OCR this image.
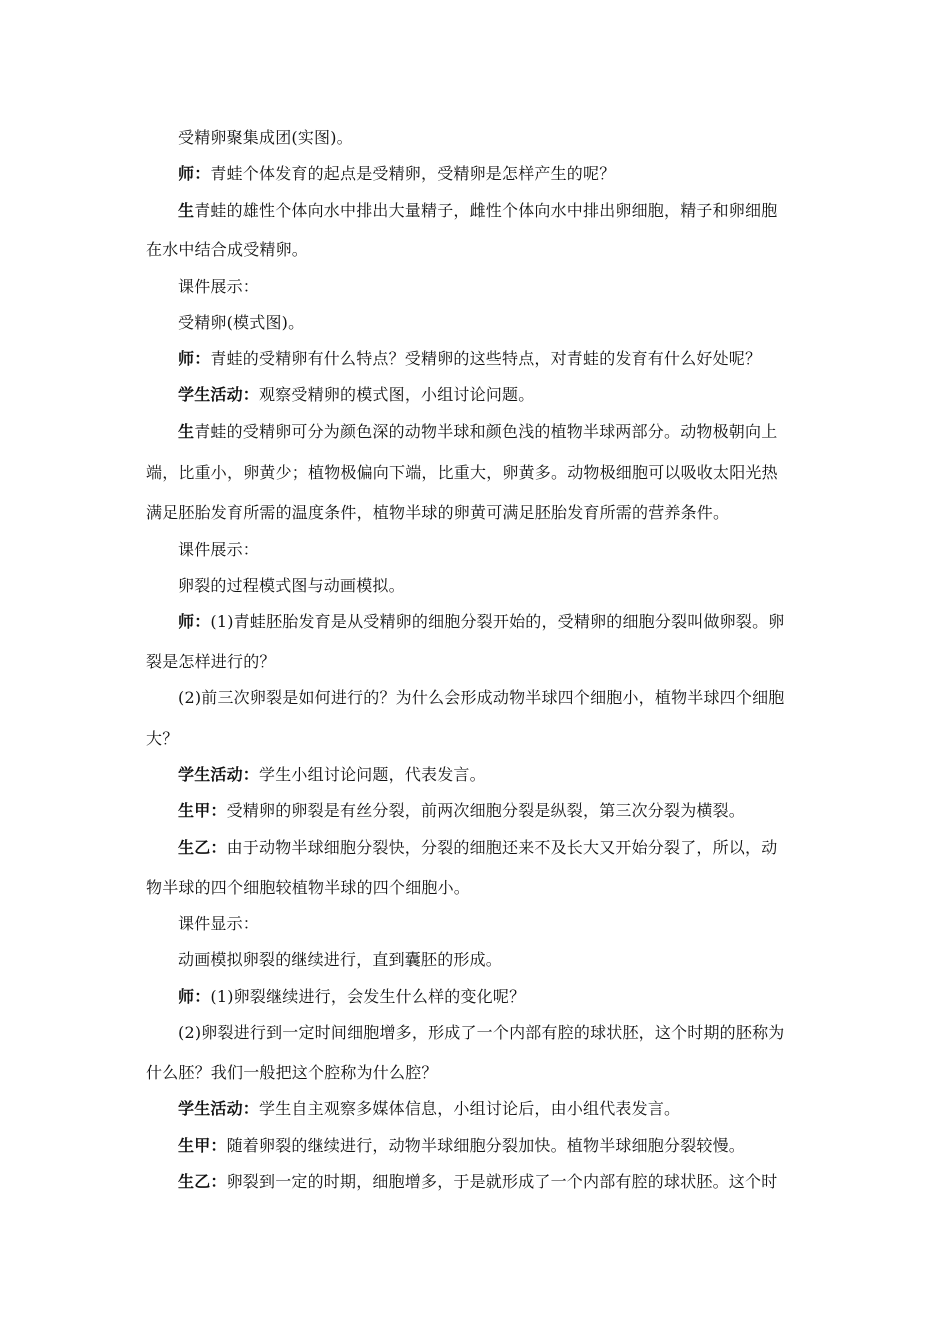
受精卵聚集成团(实图)。
师：青蛙个体发育的起点是受精卵，受精卵是怎样产生的呢？
生青蛙的雄性个体向水中排出大量精子，雌性个体向水中排出卵细胞，精子和卵细胞
在水中结合成受精卵。
课件展示：
受精卵(模式图)。
师：青蛙的受精卵有什么特点？受精卵的这些特点，对青蛙的发育有什么好处呢？
学生活动：观察受精卵的模式图，小组讨论问题。
生青蛙的受精卵可分为颜色深的动物半球和颜色浅的植物半球两部分。动物极朝向上
端，比重小，卵黄少；植物极偏向下端，比重大，卵黄多。动物极细胞可以吸收太阳光热
满足胚胎发育所需的温度条件，植物半球的卵黄可满足胚胎发育所需的营养条件。
课件展示：
卵裂的过程模式图与动画模拟。
师：(1)青蛙胚胎发育是从受精卵的细胞分裂开始的，受精卵的细胞分裂叫做卵裂。卵
裂是怎样进行的？
(2)前三次卵裂是如何进行的？为什么会形成动物半球四个细胞小，植物半球四个细胞
大？
学生活动：学生小组讨论问题，代表发言。
生甲：受精卵的卵裂是有丝分裂，前两次细胞分裂是纵裂，第三次分裂为横裂。
生乙：由于动物半球细胞分裂快，分裂的细胞还来不及长大又开始分裂了，所以，动
物半球的四个细胞较植物半球的四个细胞小。
课件显示：
动画模拟卵裂的继续进行，直到囊胚的形成。
师：(1)卵裂继续进行，会发生什么样的变化呢？
(2)卵裂进行到一定时间细胞增多，形成了一个内部有腔的球状胚，这个时期的胚称为
什么胚？我们一般把这个腔称为什么腔？
学生活动：学生自主观察多媒体信息，小组讨论后，由小组代表发言。
生甲：随着卵裂的继续进行，动物半球细胞分裂加快。植物半球细胞分裂较慢。
生乙：卵裂到一定的时期，细胞增多，于是就形成了一个内部有腔的球状胚。这个时
